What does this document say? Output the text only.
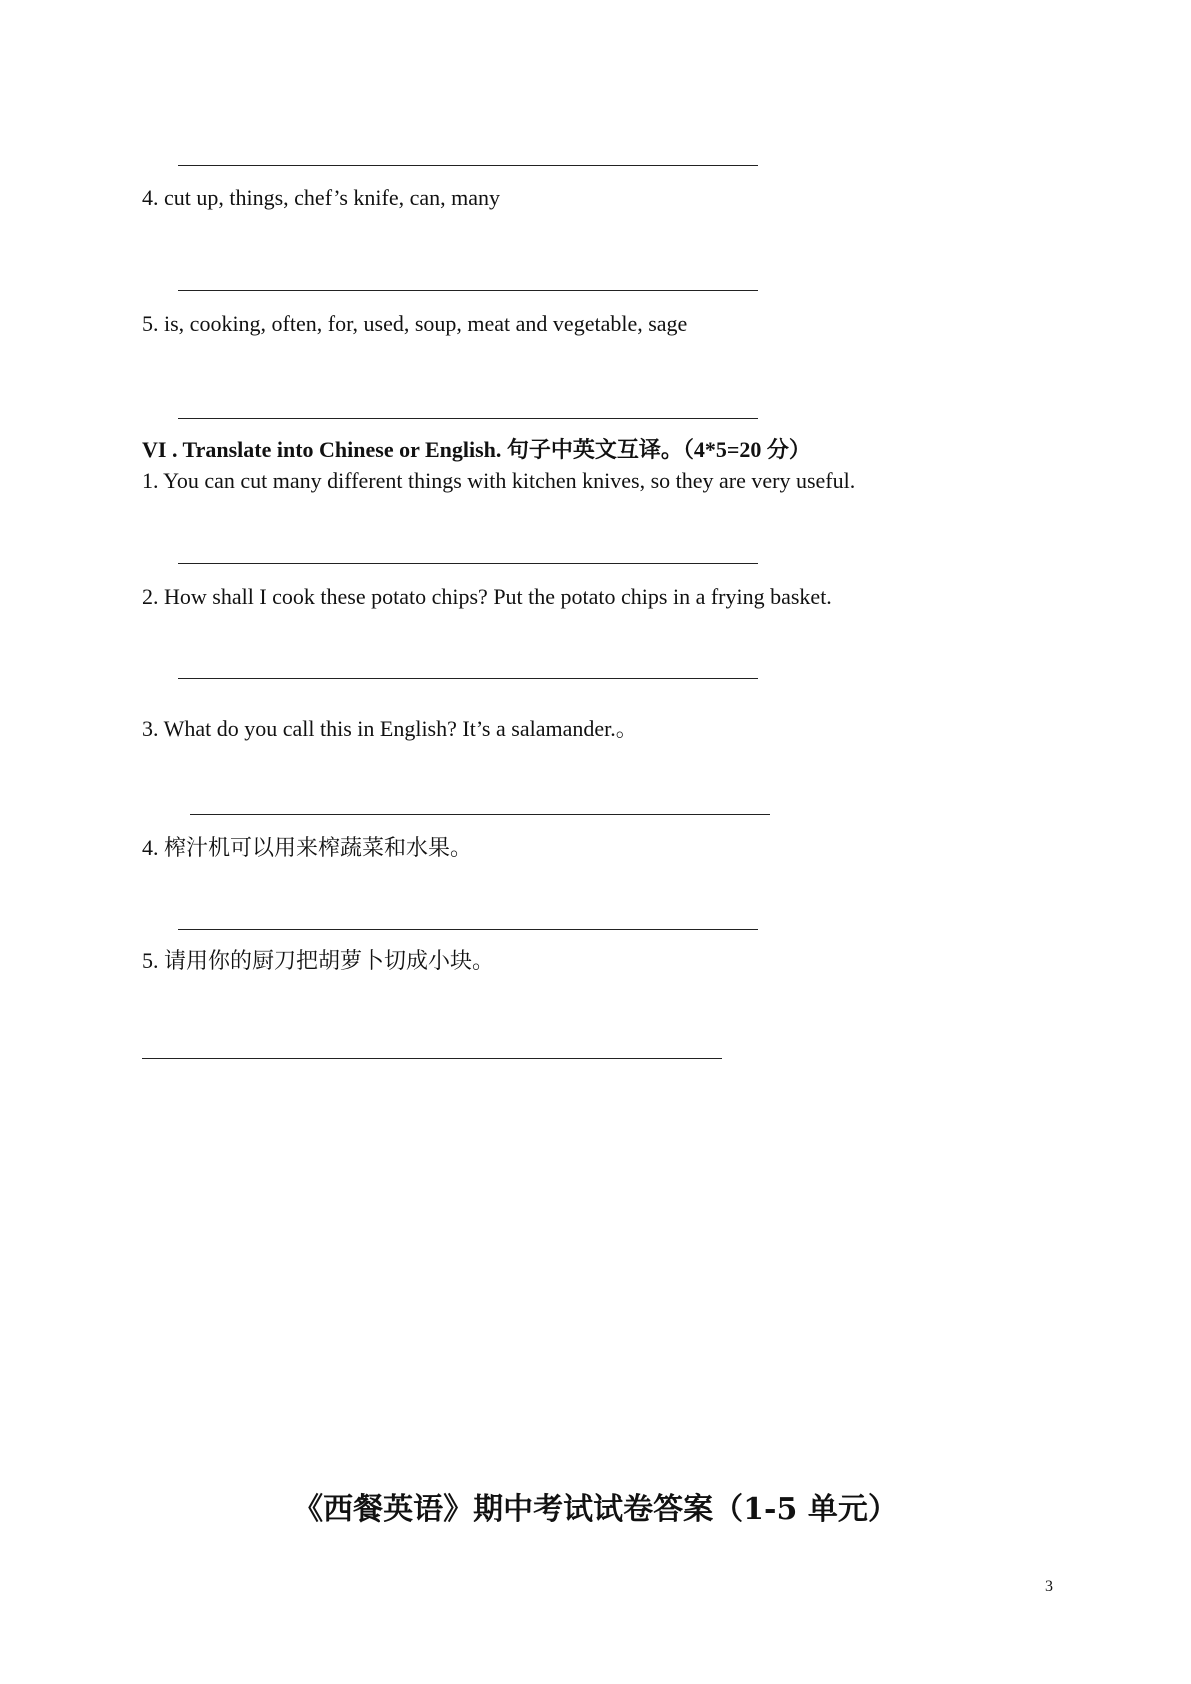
4. cut up, things, chef’s knife, can, many
5. is, cooking, often, for, used, soup, meat and vegetable, sage
VI . Translate into Chinese or English. 句子中英文互译。（4*5=20 分）
1. You can cut many different things with kitchen knives, so they are very useful.
2. How shall I cook these potato chips? Put the potato chips in a frying basket.
3. What do you call this in English? It’s a salamander.。
4. 榨汁机可以用来榨蔬菜和水果。
5. 请用你的厨刀把胡萝卜切成小块。
《西餐英语》期中考试试卷答案（1-5 单元）
3
